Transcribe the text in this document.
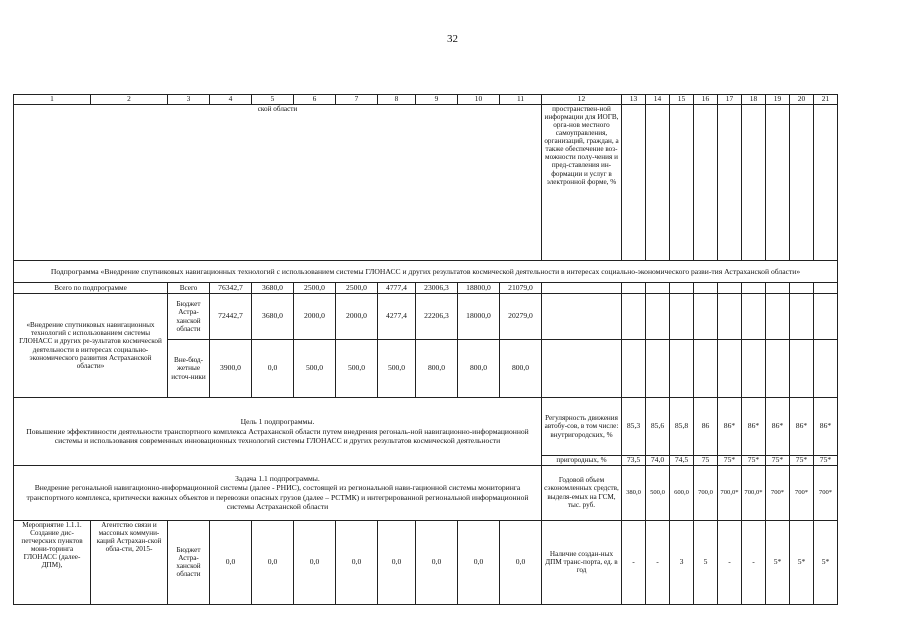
32
1	2	3	4	5	6	7	8	9	10	11	12	13	14	15	16	17	18	19	20	21
ской области											пространствен-ной информации для ИОГВ, орга-нов местного самоуправления, организаций, граждан, а также обеспечение воз-можности полу-чения и пред-ставления ин-формации и услуг в электронной форме, %									
Подпрограмма «Внедрение спутниковых навигационных технологий с использованием системы ГЛОНАСС и других результатов космической деятельности в интересах социально-экономического разви-тия Астраханской области»																				
Всего по подпрограмме		Всего	76342,7	3680,0	2500,0	2500,0	4777,4	23006,3	18800,0	21079,0										
«Внедрение спутниковых навигационных технологий с использованием системы ГЛОНАСС и других ре-зультатов космической деятельности в интересах социально-экономического развития Астраханской области»		Бюджет Астра-ханской области	72442,7	3680,0	2000,0	2000,0	4277,4	22206,3	18000,0	20279,0										
		Вне-бюд-жетные источ-ники	3900,0	0,0	500,0	500,0	500,0	800,0	800,0	800,0										

Цель 1 подпрограммы.
Повышение эффективности деятельности транспортного комплекса Астраханской области путем внедрения регональ-ной навигационно-информационной системы и использования современных инновационных технологий системы ГЛОНАСС и других результатов космической деятельности											Регулярность движения автобу-сов, в том числе: внутригородских, %	85,3	85,6	85,8	86	86*	86*	86*	86*	86*
											пригородных, %	73,5	74,0	74,5	75	75*	75*	75*	75*	75*

Задача 1.1 подпрограммы.
Внедрение регональной навигационно-информационной системы (далее - РНИС), состоящей из региональной нави-гационной системы мониторинга транспортного комплекса, критически важных объектов и перевозки опасных грузов (далее – РСТМК) и интегрированной региональной информационной системы Астраханской области											Годовой объем сэкономленных средств, выделя-емых на ГСМ, тыс. руб.	380,0	500,0	600,0	700,0	700,0*	700,0*	700*	700*	700*
Мероприятие 1.1.1. Создание дис-петчерских пунктов мони-торинга ГЛОНАСС (далее-ДПМ),	Агентство связи и массовых коммуни-каций Астрахан-ской обла-сти, 2015-	Бюджет Астра-ханской области	0,0	0,0	0,0	0,0	0,0	0,0	0,0	0,0	Наличие создан-ных ДПМ транс-порта, ед. в год	-	-	3	5	-	-	5*	5*	5*
